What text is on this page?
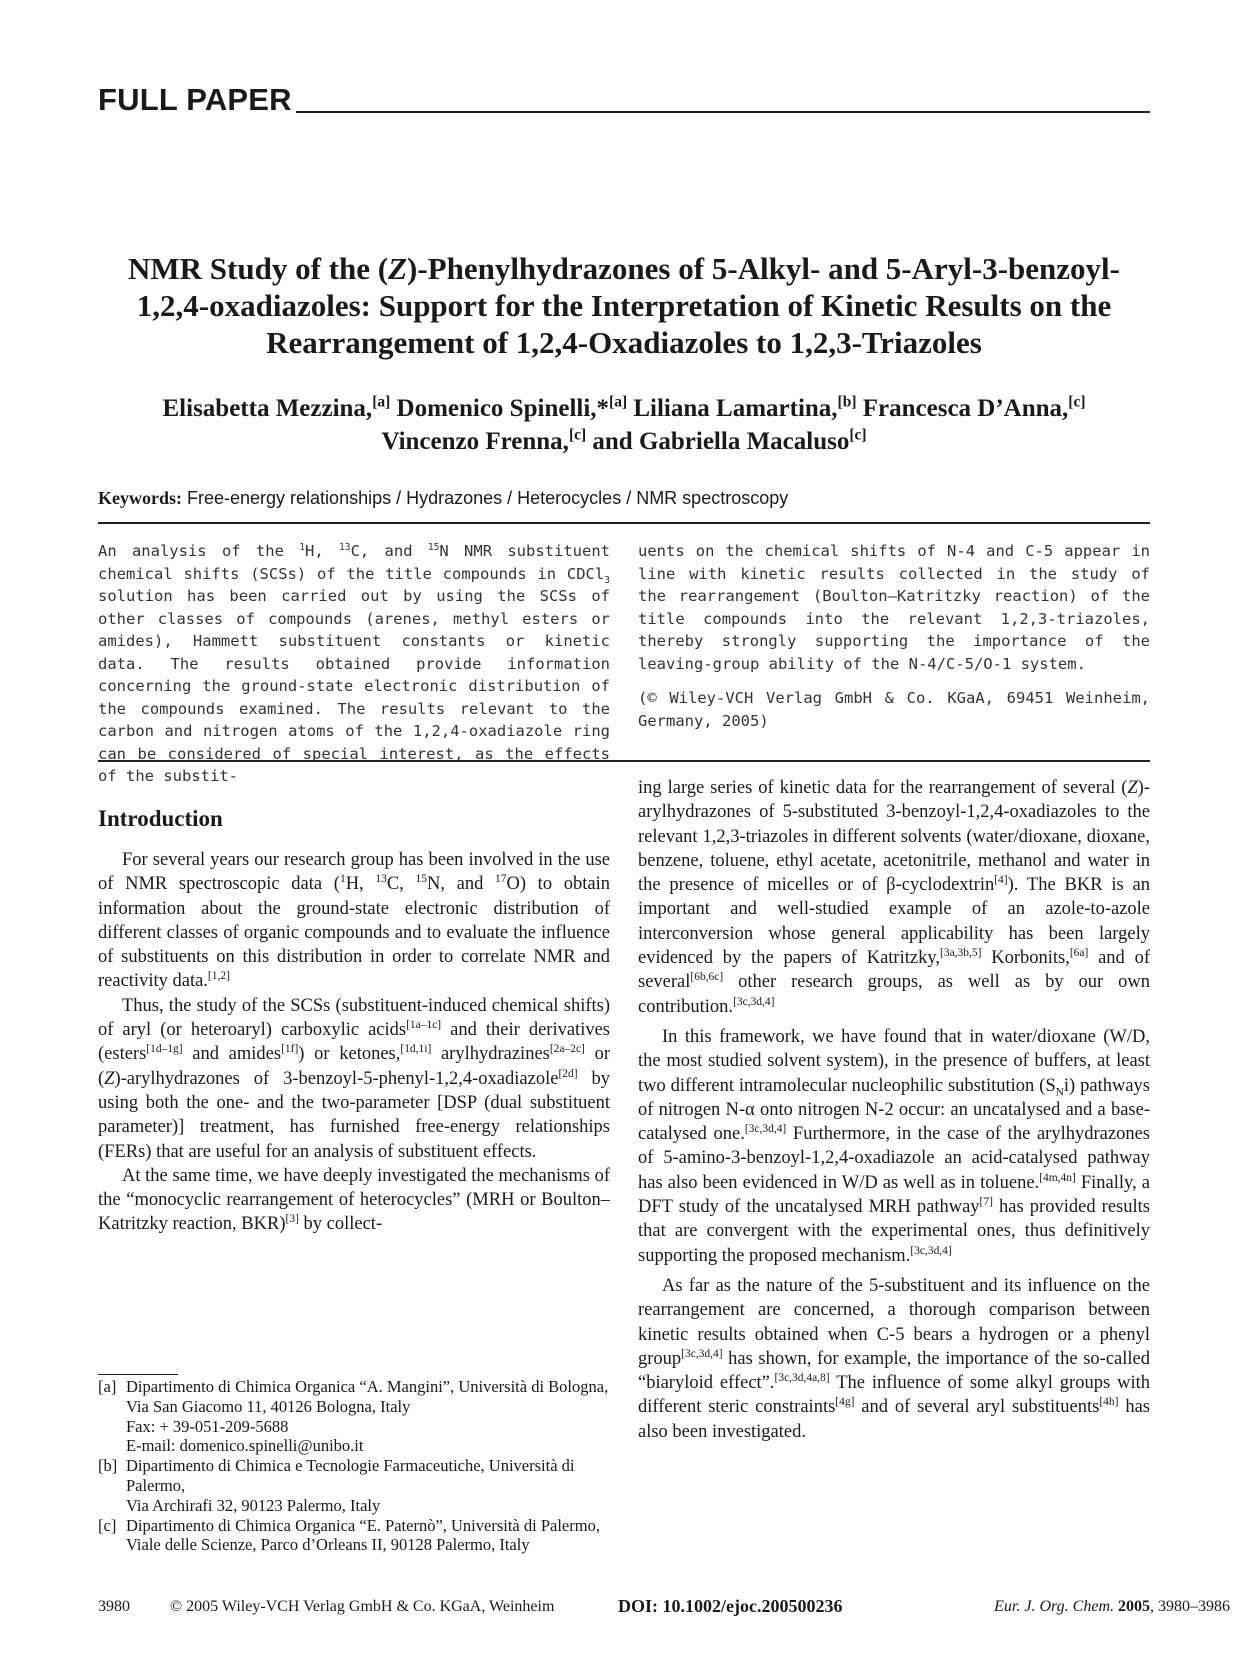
FULL PAPER
NMR Study of the (Z)-Phenylhydrazones of 5-Alkyl- and 5-Aryl-3-benzoyl-
1,2,4-oxadiazoles: Support for the Interpretation of Kinetic Results on the
Rearrangement of 1,2,4-Oxadiazoles to 1,2,3-Triazoles
Elisabetta Mezzina,[a] Domenico Spinelli,*[a] Liliana Lamartina,[b] Francesca D’Anna,[c]
Vincenzo Frenna,[c] and Gabriella Macaluso[c]
Keywords: Free-energy relationships / Hydrazones / Heterocycles / NMR spectroscopy

An analysis of the $^1$H, $^{13}$C, and $^{15}$N NMR substituent chemical shifts (SCSs) of the title compounds in CDCl$_3$ solution has been carried out by using the SCSs of other classes of compounds (arenes, methyl esters or amides), Hammett substituent constants or kinetic data. The results obtained provide information concerning the ground-state electronic distribution of the compounds examined. The results relevant to the carbon and nitrogen atoms of the 1,2,4-oxadiazole ring can be considered of special interest, as the effects of the substit-

uents on the chemical shifts of N-4 and C-5 appear in line with kinetic results collected in the study of the rearrangement (Boulton–Katritzky reaction) of the title compounds into the relevant 1,2,3-triazoles, thereby strongly supporting the importance of the leaving-group ability of the N-4/C-5/O-1 system.

(© Wiley-VCH Verlag GmbH & Co. KGaA, 69451 Weinheim, Germany, 2005)

Introduction

For several years our research group has been involved in the use of NMR spectroscopic data ($^1$H, $^{13}$C, $^{15}$N, and $^{17}$O) to obtain information about the ground-state electronic distribution of different classes of organic compounds and to evaluate the influence of substituents on this distribution in order to correlate NMR and reactivity data.[1,2]

Thus, the study of the SCSs (substituent-induced chemical shifts) of aryl (or heteroaryl) carboxylic acids[1a–1c] and their derivatives (esters[1d–1g] and amides[1f]) or ketones,[1d,1i] arylhydrazines[2a–2c] or (Z)-arylhydrazones of 3-benzoyl-5-phenyl-1,2,4-oxadiazole[2d] by using both the one- and the two-parameter [DSP (dual substituent parameter)] treatment, has furnished free-energy relationships (FERs) that are useful for an analysis of substituent effects.

At the same time, we have deeply investigated the mechanisms of the “monocyclic rearrangement of heterocycles” (MRH or Boulton–Katritzky reaction, BKR)[3] by collect-

ing large series of kinetic data for the rearrangement of several (Z)-arylhydrazones of 5-substituted 3-benzoyl-1,2,4-oxadiazoles to the relevant 1,2,3-triazoles in different solvents (water/dioxane, dioxane, benzene, toluene, ethyl acetate, acetonitrile, methanol and water in the presence of micelles or of β-cyclodextrin[4]). The BKR is an important and well-studied example of an azole-to-azole interconversion whose general applicability has been largely evidenced by the papers of Katritzky,[3a,3b,5] Korbonits,[6a] and of several[6b,6c] other research groups, as well as by our own contribution.[3c,3d,4]

In this framework, we have found that in water/dioxane (W/D, the most studied solvent system), in the presence of buffers, at least two different intramolecular nucleophilic substitution $(S_Ni)$ pathways of nitrogen N-α onto nitrogen N-2 occur: an uncatalysed and a base-catalysed one.[3c,3d,4] Furthermore, in the case of the arylhydrazones of 5-amino-3-benzoyl-1,2,4-oxadiazole an acid-catalysed pathway has also been evidenced in W/D as well as in toluene.[4m,4n] Finally, a DFT study of the uncatalysed MRH pathway[7] has provided results that are convergent with the experimental ones, thus definitively supporting the proposed mechanism.[3c,3d,4]

As far as the nature of the 5-substituent and its influence on the rearrangement are concerned, a thorough comparison between kinetic results obtained when C-5 bears a hydrogen or a phenyl group[3c,3d,4] has shown, for example, the importance of the so-called “biaryloid effect”.[3c,3d,4a,8] The influence of some alkyl groups with different steric constraints[4g] and of several aryl substituents[4h] has also been investigated.

[a] Dipartimento di Chimica Organica “A. Mangini”, Università di Bologna,
Via San Giacomo 11, 40126 Bologna, Italy
Fax: + 39-051-209-5688
E-mail: domenico.spinelli@unibo.it
[b] Dipartimento di Chimica e Tecnologie Farmaceutiche, Università di Palermo,
Via Archirafi 32, 90123 Palermo, Italy
[c] Dipartimento di Chimica Organica “E. Paternò”, Università di Palermo,
Viale delle Scienze, Parco d’Orleans II, 90128 Palermo, Italy
3980	© 2005 Wiley-VCH Verlag GmbH & Co. KGaA, Weinheim	DOI: 10.1002/ejoc.200500236	Eur. J. Org. Chem. 2005 , 3980–3986
